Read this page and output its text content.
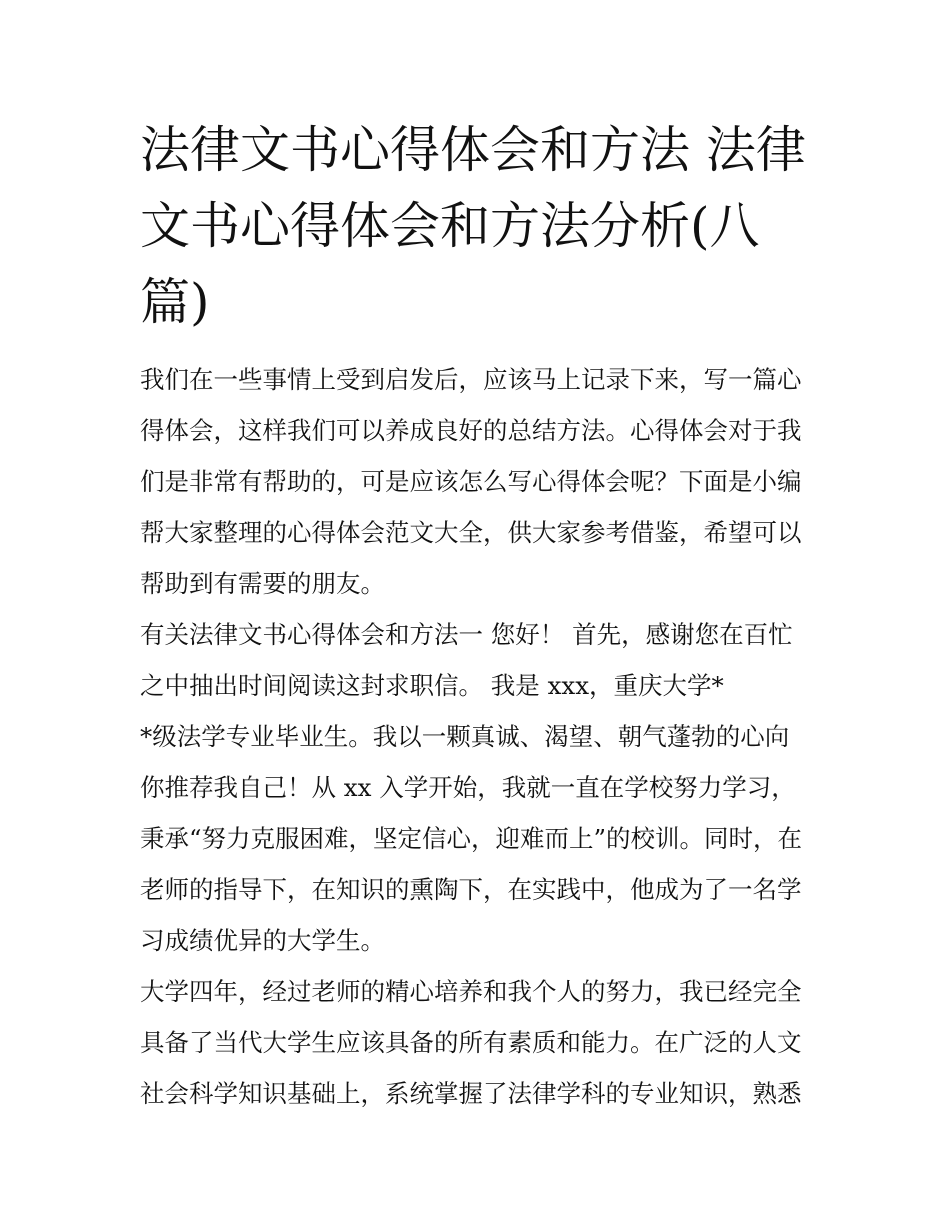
法律文书心得体会和方法 法律文书心得体会和方法分析(八篇)
我们在一些事情上受到启发后，应该马上记录下来，写一篇心
得体会，这样我们可以养成良好的总结方法。心得体会对于我
们是非常有帮助的，可是应该怎么写心得体会呢？下面是小编
帮大家整理的心得体会范文大全，供大家参考借鉴，希望可以
帮助到有需要的朋友。
有关法律文书心得体会和方法一 您好！ 首先，感谢您在百忙
之中抽出时间阅读这封求职信。 我是 xxx，重庆大学*
*级法学专业毕业生。我以一颗真诚、渴望、朝气蓬勃的心向
你推荐我自己！从 xx 入学开始，我就一直在学校努力学习，
秉承“努力克服困难，坚定信心，迎难而上”的校训。同时，在
老师的指导下，在知识的熏陶下，在实践中，他成为了一名学
习成绩优异的大学生。
大学四年，经过老师的精心培养和我个人的努力，我已经完全
具备了当代大学生应该具备的所有素质和能力。在广泛的人文
社会科学知识基础上，系统掌握了法律学科的专业知识，熟悉
